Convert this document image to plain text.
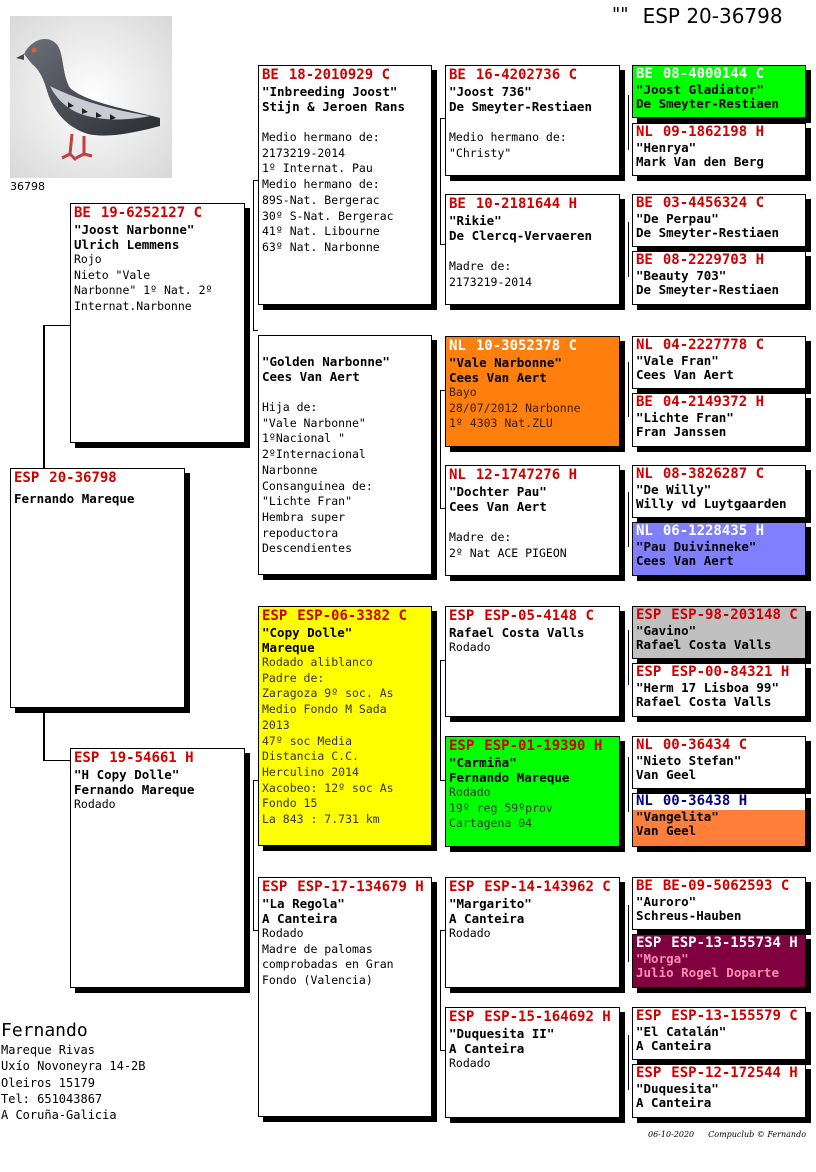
"" ESP 20-36798
36798
ESP 20-36798
Fernando Mareque
BE 19-6252127 C
"Joost Narbonne"
Ulrich Lemmens
Rojo
Nieto "Vale
Narbonne" 1º Nat. 2º
Internat.Narbonne
ESP 19-54661 H
"H Copy Dolle"
Fernando Mareque
Rodado
BE 18-2010929 C
"Inbreeding Joost"
Stijn & Jeroen Rans
Medio hermano de:
2173219-2014
1º Internat. Pau
Medio hermano de:
89S-Nat. Bergerac
30º S-Nat. Bergerac
41º Nat. Libourne
63º Nat. Narbonne
"Golden Narbonne"
Cees Van Aert
Hija de:
"Vale Narbonne"
1ºNacional "
2ºInternacional
Narbonne
Consanguinea de:
"Lichte Fran"
Hembra super
repoductora
Descendientes
ESP ESP-06-3382 C
"Copy Dolle"
Mareque
Rodado aliblanco
Padre de:
Zaragoza 9º soc. As
Medio Fondo M Sada
2013
47º soc Media
Distancia C.C.
Herculino 2014
Xacobeo: 12º soc As
Fondo 15
La 843 : 7.731 km
ESP ESP-17-134679 H
"La Regola"
A Canteira
Rodado
Madre de palomas
comprobadas en Gran
Fondo (Valencia)
BE 16-4202736 C
"Joost 736"
De Smeyter-Restiaen
Medio hermano de:
"Christy"
BE 10-2181644 H
"Rikie"
De Clercq-Vervaeren
Madre de:
2173219-2014
NL 10-3052378 C
"Vale Narbonne"
Cees Van Aert
Bayo
28/07/2012 Narbonne
1º 4303 Nat.ZLU
NL 12-1747276 H
"Dochter Pau"
Cees Van Aert
Madre de:
2º Nat ACE PIGEON
ESP ESP-05-4148 C
Rafael Costa Valls
Rodado
ESP ESP-01-19390 H
"Carmiña"
Fernando Mareque
Rodado
19º reg 59ºprov
Cartagena 04
ESP ESP-14-143962 C
"Margarito"
A Canteira
Rodado
ESP ESP-15-164692 H
"Duquesita II"
A Canteira
Rodado
BE 08-4000144 C
"Joost Gladiator"
De Smeyter-Restiaen
NL 09-1862198 H
"Henrya"
Mark Van den Berg
BE 03-4456324 C
"De Perpau"
De Smeyter-Restiaen
BE 08-2229703 H
"Beauty 703"
De Smeyter-Restiaen
NL 04-2227778 C
"Vale Fran"
Cees Van Aert
BE 04-2149372 H
"Lichte Fran"
Fran Janssen
NL 08-3826287 C
"De Willy"
Willy vd Luytgaarden
NL 06-1228435 H
"Pau Duivinneke"
Cees Van Aert
ESP ESP-98-203148 C
"Gavino"
Rafael Costa Valls
ESP ESP-00-84321 H
"Herm 17 Lisboa 99"
Rafael Costa Valls
NL 00-36434 C
"Nieto Stefan"
Van Geel
NL 00-36438 H
"Vangelita"
Van Geel
BE BE-09-5062593 C
"Auroro"
Schreus-Hauben
ESP ESP-13-155734 H
"Morga"
Julio Rogel Doparte
ESP ESP-13-155579 C
"El Catalán"
A Canteira
ESP ESP-12-172544 H
"Duquesita"
A Canteira
Fernando
Mareque Rivas
Uxío Novoneyra 14-2B
Oleiros 15179
Tel: 651043867
A Coruña-Galicia
06-10-2020 Compuclub © Fernando
